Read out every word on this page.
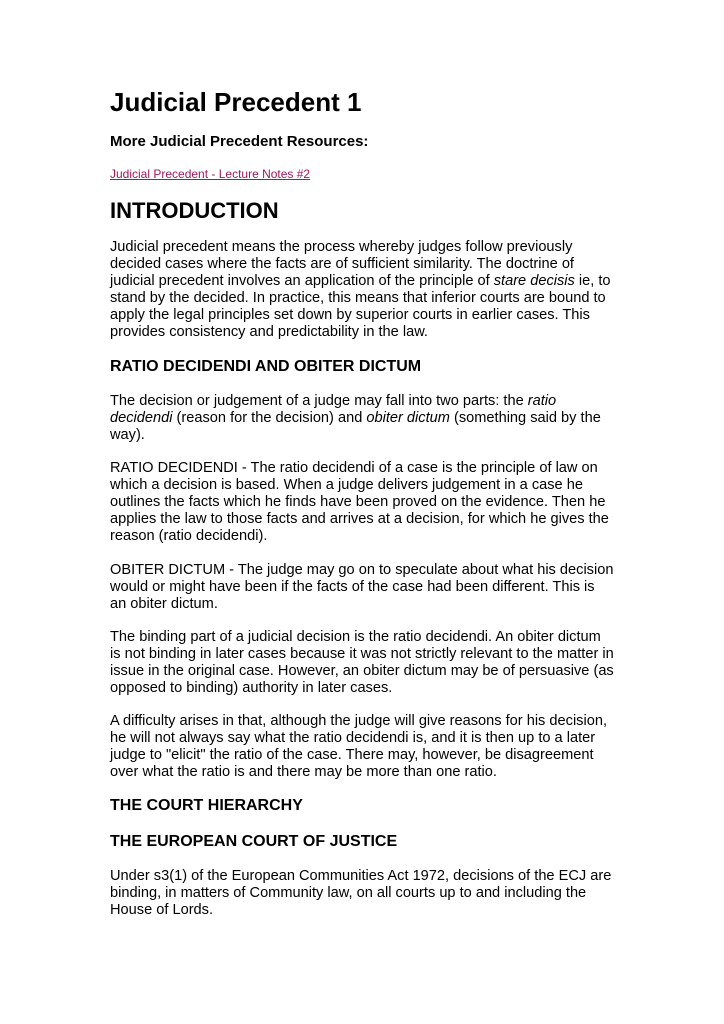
Judicial Precedent 1
More Judicial Precedent Resources:
Judicial Precedent - Lecture Notes #2
INTRODUCTION

Judicial precedent means the process whereby judges follow previously
decided cases where the facts are of sufficient similarity. The doctrine of
judicial precedent involves an application of the principle of stare decisis ie, to
stand by the decided. In practice, this means that inferior courts are bound to
apply the legal principles set down by superior courts in earlier cases. This
provides consistency and predictability in the law.

RATIO DECIDENDI AND OBITER DICTUM

The decision or judgement of a judge may fall into two parts: the ratio
decidendi (reason for the decision) and obiter dictum (something said by the
way).

RATIO DECIDENDI - The ratio decidendi of a case is the principle of law on
which a decision is based. When a judge delivers judgement in a case he
outlines the facts which he finds have been proved on the evidence. Then he
applies the law to those facts and arrives at a decision, for which he gives the
reason (ratio decidendi).

OBITER DICTUM - The judge may go on to speculate about what his decision
would or might have been if the facts of the case had been different. This is
an obiter dictum.

The binding part of a judicial decision is the ratio decidendi. An obiter dictum
is not binding in later cases because it was not strictly relevant to the matter in
issue in the original case. However, an obiter dictum may be of persuasive (as
opposed to binding) authority in later cases.

A difficulty arises in that, although the judge will give reasons for his decision,
he will not always say what the ratio decidendi is, and it is then up to a later
judge to "elicit" the ratio of the case. There may, however, be disagreement
over what the ratio is and there may be more than one ratio.

THE COURT HIERARCHY
THE EUROPEAN COURT OF JUSTICE

Under s3(1) of the European Communities Act 1972, decisions of the ECJ are
binding, in matters of Community law, on all courts up to and including the
House of Lords.
